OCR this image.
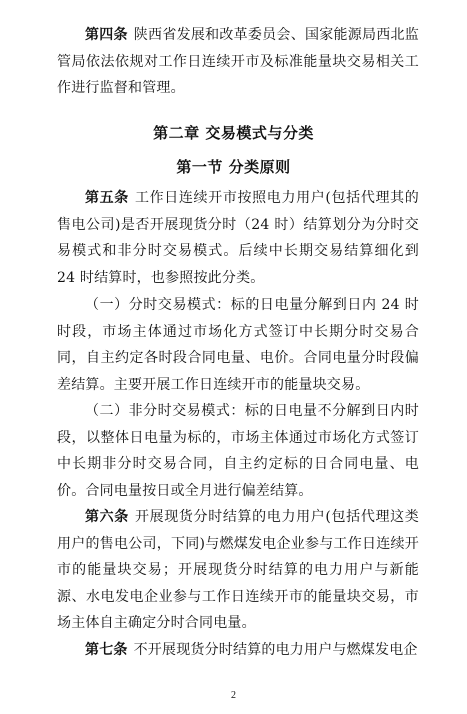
第四条 陕西省发展和改革委员会、国家能源局西北监管局依法依规对工作日连续开市及标准能量块交易相关工作进行监督和管理。

第二章 交易模式与分类
第一节 分类原则

第五条 工作日连续开市按照电力用户(包括代理其的售电公司)是否开展现货分时（24 时）结算划分为分时交易模式和非分时交易模式。后续中长期交易结算细化到 24 时结算时，也参照按此分类。

（一）分时交易模式：标的日电量分解到日内 24 时时段，市场主体通过市场化方式签订中长期分时交易合同，自主约定各时段合同电量、电价。合同电量分时段偏差结算。主要开展工作日连续开市的能量块交易。

（二）非分时交易模式：标的日电量不分解到日内时段，以整体日电量为标的，市场主体通过市场化方式签订中长期非分时交易合同，自主约定标的日合同电量、电价。合同电量按日或全月进行偏差结算。

第六条 开展现货分时结算的电力用户(包括代理这类用户的售电公司，下同)与燃煤发电企业参与工作日连续开市的能量块交易；开展现货分时结算的电力用户与新能源、水电发电企业参与工作日连续开市的能量块交易，市场主体自主确定分时合同电量。

第七条 不开展现货分时结算的电力用户与燃煤发电企

2
